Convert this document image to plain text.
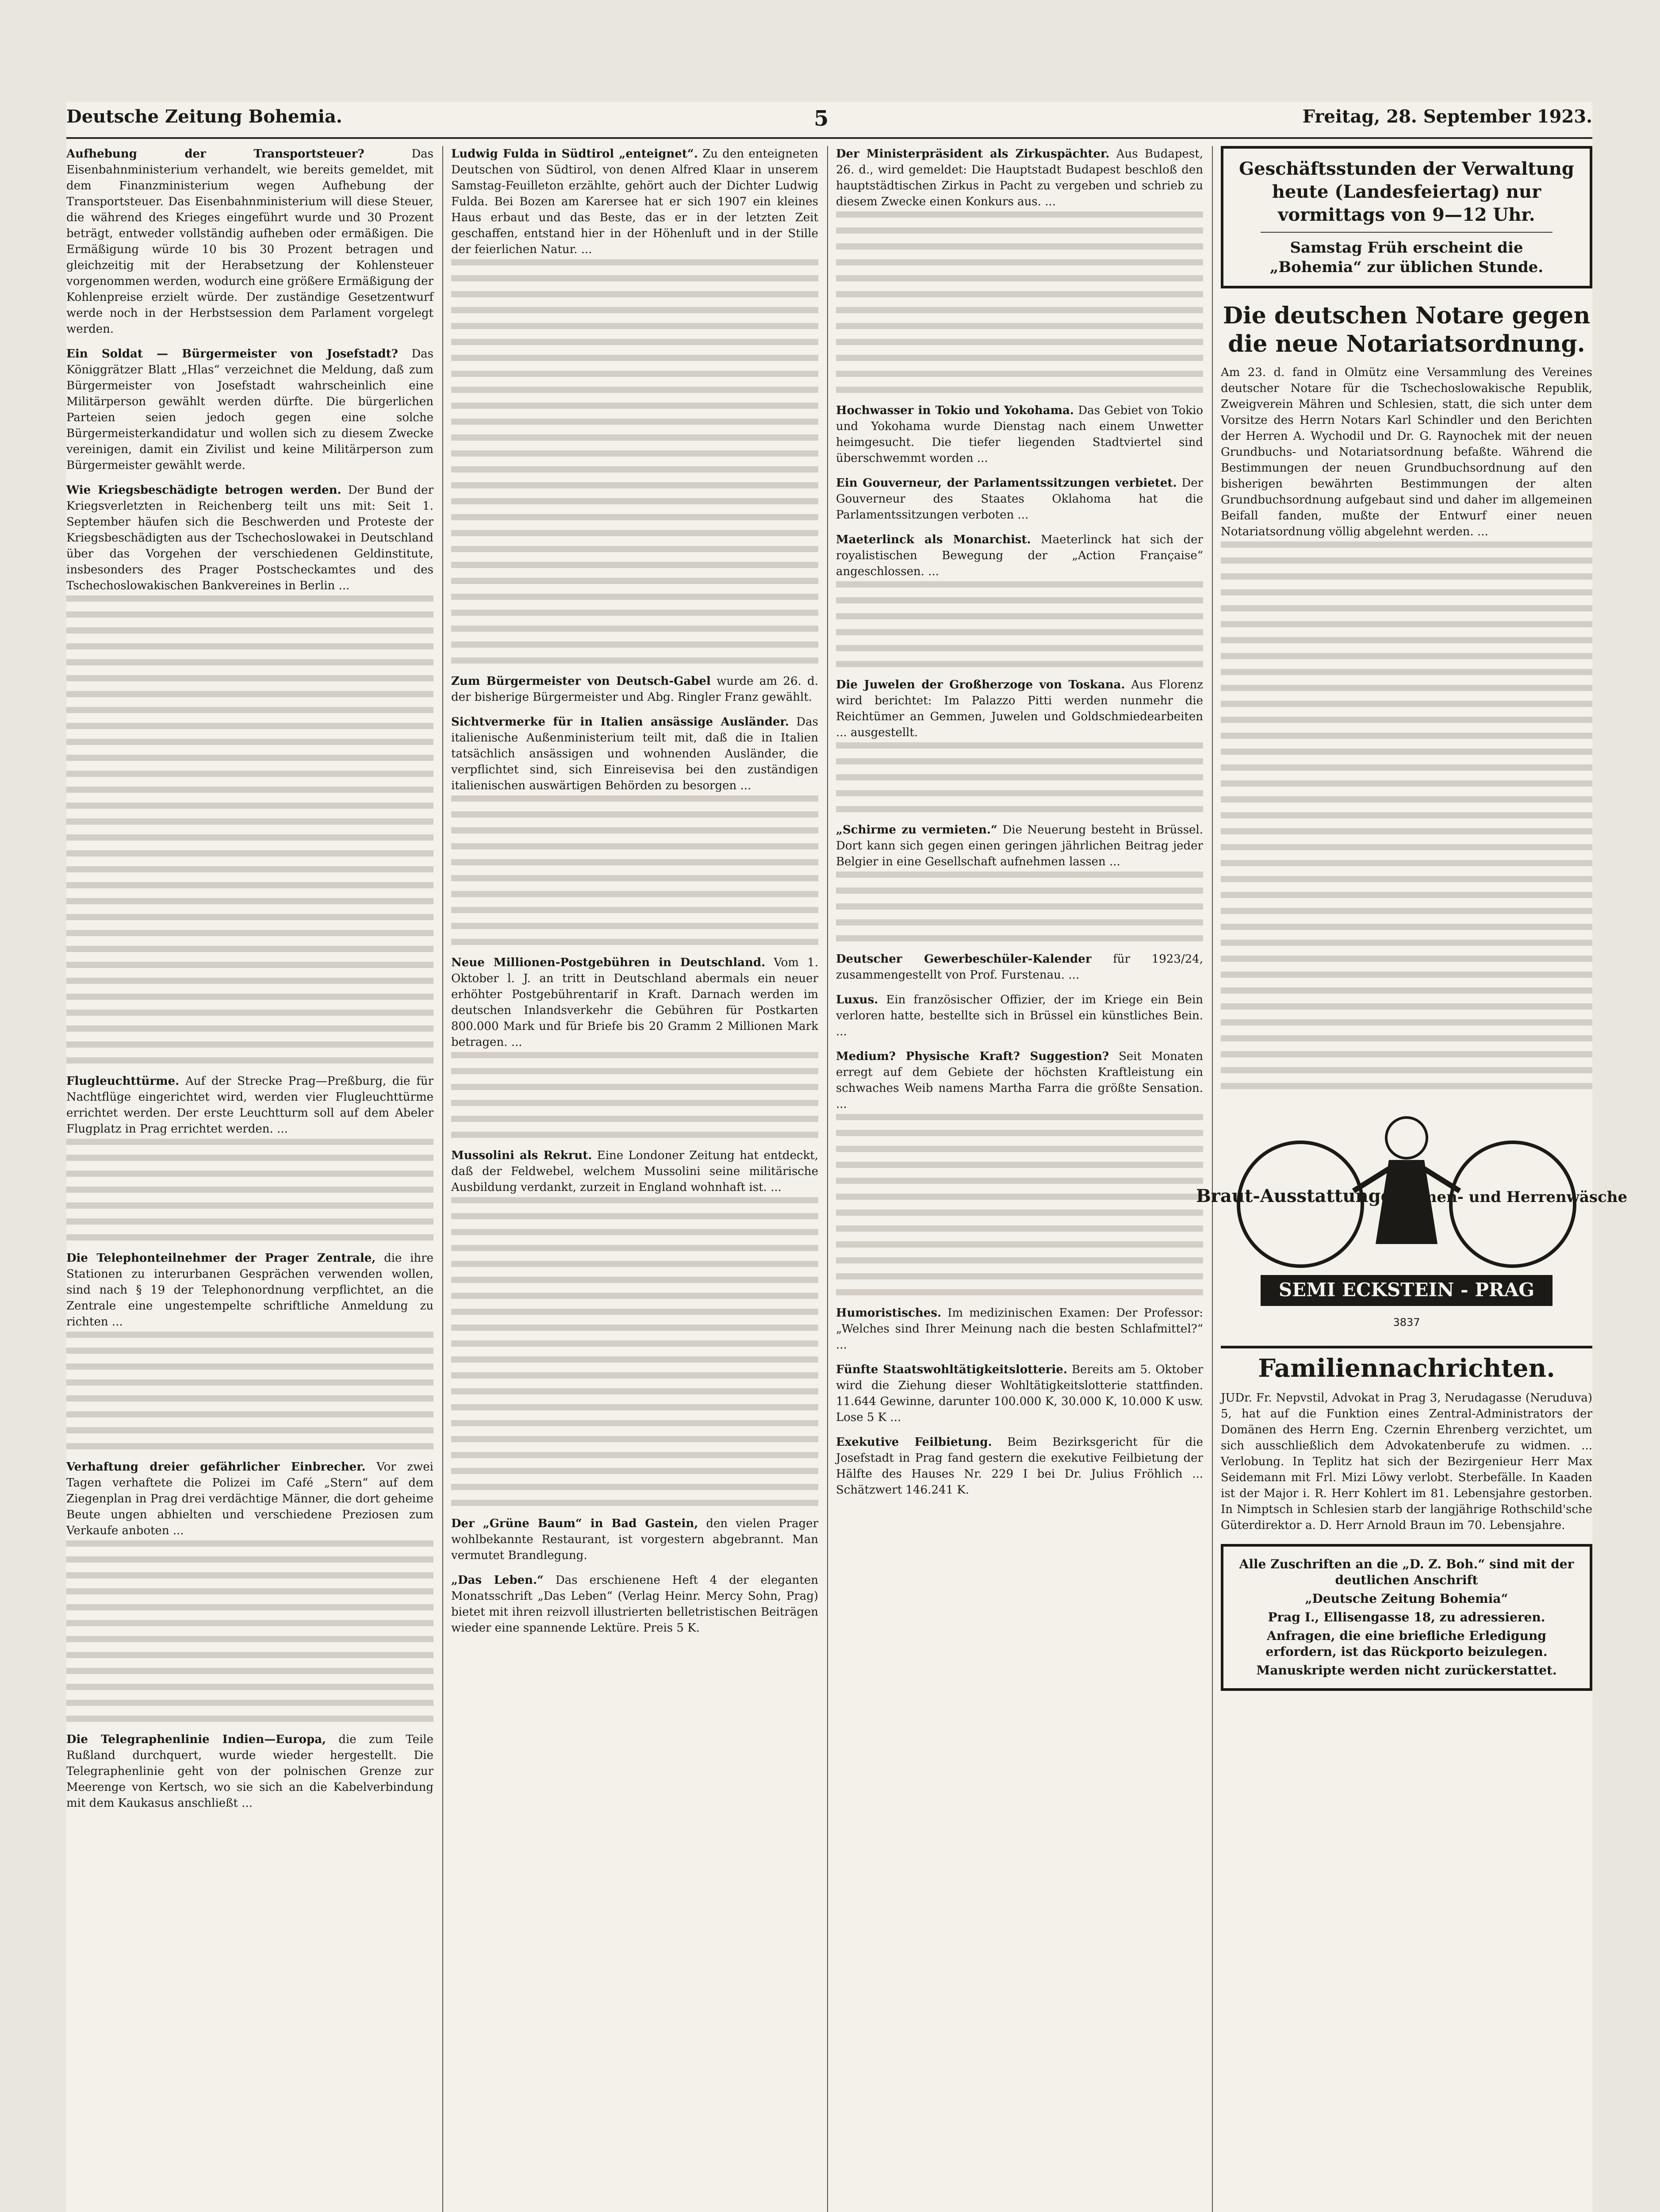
Deutsche Zeitung Bohemia.	5	Freitag, 28. September 1923.

Aufhebung der Transportsteuer?	Das Eisenbahnministerium verhandelt, wie bereits gemeldet, mit dem Finanzministerium wegen Aufhebung der Transportsteuer. Das Eisenbahnministerium will diese Steuer, die während des Krieges eingeführt wurde und 30 Prozent beträgt, entweder vollständig aufheben oder ermäßigen. Die Ermäßigung würde 10 bis 30 Prozent betragen und gleichzeitig mit der Herabsetzung der Kohlensteuer vorgenommen werden, wodurch eine größere Ermäßigung der Kohlenpreise erzielt würde. Der zuständige Gesetzentwurf werde noch in der Herbstsession dem Parlament vorgelegt werden.

Ein Soldat — Bürgermeister von Josefstadt? Das Königgrätzer Blatt „Hlas“ verzeichnet die Meldung, daß zum Bürgermeister von Josefstadt wahrscheinlich eine Militärperson gewählt werden dürfte. Die bürgerlichen Parteien seien jedoch gegen eine solche Bürgermeisterkandidatur und wollen sich zu diesem Zwecke vereinigen, damit ein Zivilist und keine Militärperson zum Bürgermeister gewählt werde.

Wie Kriegsbeschädigte betrogen werden. Der Bund der Kriegsverletzten in Reichenberg teilt uns mit: Seit 1. September häufen sich die Beschwerden und Proteste der Kriegsbeschädigten aus der Tschechoslowakei in Deutschland über das Vorgehen der verschiedenen Geldinstitute, insbesonders des Prager Postscheckamtes und des Tschechoslowakischen Bankvereines in Berlin ...

Flugleuchttürme. Auf der Strecke Prag—Preßburg, die für Nachtflüge eingerichtet wird, werden vier Flugleuchttürme errichtet werden. Der erste Leuchtturm soll auf dem Abeler Flugplatz in Prag errichtet werden. ...

Die Telephonteilnehmer der Prager Zentrale, die ihre Stationen zu interurbanen Gesprächen verwenden wollen, sind nach § 19 der Telephonordnung verpflichtet, an die Zentrale eine ungestempelte schriftliche Anmeldung zu richten ...

Verhaftung dreier gefährlicher Einbrecher. Vor zwei Tagen verhaftete die Polizei im Café „Stern“ auf dem Ziegenplan in Prag drei verdächtige Männer, die dort geheime Beute ungen abhielten und verschiedene Preziosen zum Verkaufe anboten ...

Die Telegraphenlinie Indien—Europa, die zum Teile Rußland durchquert, wurde wieder hergestellt. Die Telegraphenlinie geht von der polnischen Grenze zur Meerenge von Kertsch, wo sie sich an die Kabelverbindung mit dem Kaukasus anschließt ...

Ludwig Fulda in Südtirol „enteignet“. Zu den enteigneten Deutschen von Südtirol, von denen Alfred Klaar in unserem Samstag-Feuilleton erzählte, gehört auch der Dichter Ludwig Fulda. Bei Bozen am Karersee hat er sich 1907 ein kleines Haus erbaut und das Beste, das er in der letzten Zeit geschaffen, entstand hier in der Höhenluft und in der Stille der feierlichen Natur. ...

Zum Bürgermeister von Deutsch-Gabel wurde am 26. d. der bisherige Bürgermeister und Abg. Ringler Franz gewählt.

Sichtvermerke für in Italien ansässige Ausländer. Das italienische Außenministerium teilt mit, daß die in Italien tatsächlich ansässigen und wohnenden Ausländer, die verpflichtet sind, sich Einreisevisa bei den zuständigen italienischen auswärtigen Behörden zu besorgen ...

Neue Millionen-Postgebühren in Deutschland. Vom 1. Oktober l. J. an tritt in Deutschland abermals ein neuer erhöhter Postgebührentarif in Kraft. Darnach werden im deutschen Inlandsverkehr die Gebühren für Postkarten 800.000 Mark und für Briefe bis 20 Gramm 2 Millionen Mark betragen. ...

Mussolini als Rekrut. Eine Londoner Zeitung hat entdeckt, daß der Feldwebel, welchem Mussolini seine militärische Ausbildung verdankt, zurzeit in England wohnhaft ist. ...

Der „Grüne Baum“ in Bad Gastein, den vielen Prager wohlbekannte Restaurant, ist vorgestern abgebrannt. Man vermutet Brandlegung.

„Das Leben.“ Das erschienene Heft 4 der eleganten Monatsschrift „Das Leben“ (Verlag Heinr. Mercy Sohn, Prag) bietet mit ihren reizvoll illustrierten belletristischen Beiträgen wieder eine spannende Lektüre. Preis 5 K.

Der Ministerpräsident als Zirkuspächter. Aus Budapest, 26. d., wird gemeldet: Die Hauptstadt Budapest beschloß den hauptstädtischen Zirkus in Pacht zu vergeben und schrieb zu diesem Zwecke einen Konkurs aus. ...

Hochwasser in Tokio und Yokohama. Das Gebiet von Tokio und Yokohama wurde Dienstag nach einem Unwetter heimgesucht. Die tiefer liegenden Stadtviertel sind überschwemmt worden ...

Ein Gouverneur, der Parlamentssitzungen verbietet. Der Gouverneur des Staates Oklahoma hat die Parlamentssitzungen verboten ...

Maeterlinck als Monarchist. Maeterlinck hat sich der royalistischen Bewegung der „Action Française“ angeschlossen. ...

Die Juwelen der Großherzoge von Toskana. Aus Florenz wird berichtet: Im Palazzo Pitti werden nunmehr die Reichtümer an Gemmen, Juwelen und Goldschmiedearbeiten ... ausgestellt.

„Schirme zu vermieten.“ Die Neuerung besteht in Brüssel. Dort kann sich gegen einen geringen jährlichen Beitrag jeder Belgier in eine Gesellschaft aufnehmen lassen ...

Deutscher Gewerbeschüler-Kalender für 1923/24, zusammengestellt von Prof. Furstenau. ...

Luxus. Ein französischer Offizier, der im Kriege ein Bein verloren hatte, bestellte sich in Brüssel ein künstliches Bein. ...

Medium? Physische Kraft? Suggestion? Seit Monaten erregt auf dem Gebiete der höchsten Kraftleistung ein schwaches Weib namens Martha Farra die größte Sensation. ...

Humoristisches. Im medizinischen Examen: Der Professor: „Welches sind Ihrer Meinung nach die besten Schlafmittel?“ ...

Fünfte Staatswohltätigkeitslotterie. Bereits am 5. Oktober wird die Ziehung dieser Wohltätigkeitslotterie stattfinden. 11.644 Gewinne, darunter 100.000 K, 30.000 K, 10.000 K usw. Lose 5 K ...

Exekutive Feilbietung. Beim Bezirksgericht für die Josefstadt in Prag fand gestern die exekutive Feilbietung der Hälfte des Hauses Nr. 229 I bei Dr. Julius Fröhlich ... Schätzwert 146.241 K.

Geschäftsstunden der Verwaltung heute (Landesfeiertag) nur
vormittags von 9—12 Uhr.
Samstag Früh erscheint die
„Bohemia“ zur üblichen Stunde.
Die deutschen Notare gegen die neue Notariatsordnung.

Am 23. d. fand in Olmütz eine Versammlung des Vereines deutscher Notare für die Tschechoslowakische Republik, Zweigverein Mähren und Schlesien, statt, die sich unter dem Vorsitze des Herrn Notars Karl Schindler und den Berichten der Herren A. Wychodil und Dr. G. Raynochek mit der neuen Grundbuchs- und Notariatsordnung befaßte. Während die Bestimmungen der neuen Grundbuchsordnung auf den bisherigen bewährten Bestimmungen der alten Grundbuchsordnung aufgebaut sind und daher im allgemeinen Beifall fanden, mußte der Entwurf einer neuen Notariatsordnung völlig abgelehnt werden. ...

Braut-Ausstattungen
Damen- und Herrenwäsche
SEMI ECKSTEIN - PRAG
3837
Familiennachrichten.

JUDr. Fr. Nepvstil, Advokat in Prag 3, Nerudagasse (Neruduva) 5, hat auf die Funktion eines Zentral-Administrators der Domänen des Herrn Eng. Czernin Ehrenberg verzichtet, um sich ausschließlich dem Advokatenberufe zu widmen. ... Verlobung. In Teplitz hat sich der Bezirgenieur Herr Max Seidemann mit Frl. Mizi Löwy verlobt. Sterbefälle. In Kaaden ist der Major i. R. Herr Kohlert im 81. Lebensjahre gestorben. In Nimptsch in Schlesien starb der langjährige Rothschild'sche Güterdirektor a. D. Herr Arnold Braun im 70. Lebensjahre.

Alle Zuschriften an die „D. Z. Boh.“ sind mit der deutlichen Anschrift

„Deutsche Zeitung Bohemia“

Prag I., Ellisengasse 18, zu adressieren.

Anfragen, die eine briefliche Erledigung erfordern, ist das Rückporto beizulegen.

Manuskripte werden nicht zurückerstattet.
